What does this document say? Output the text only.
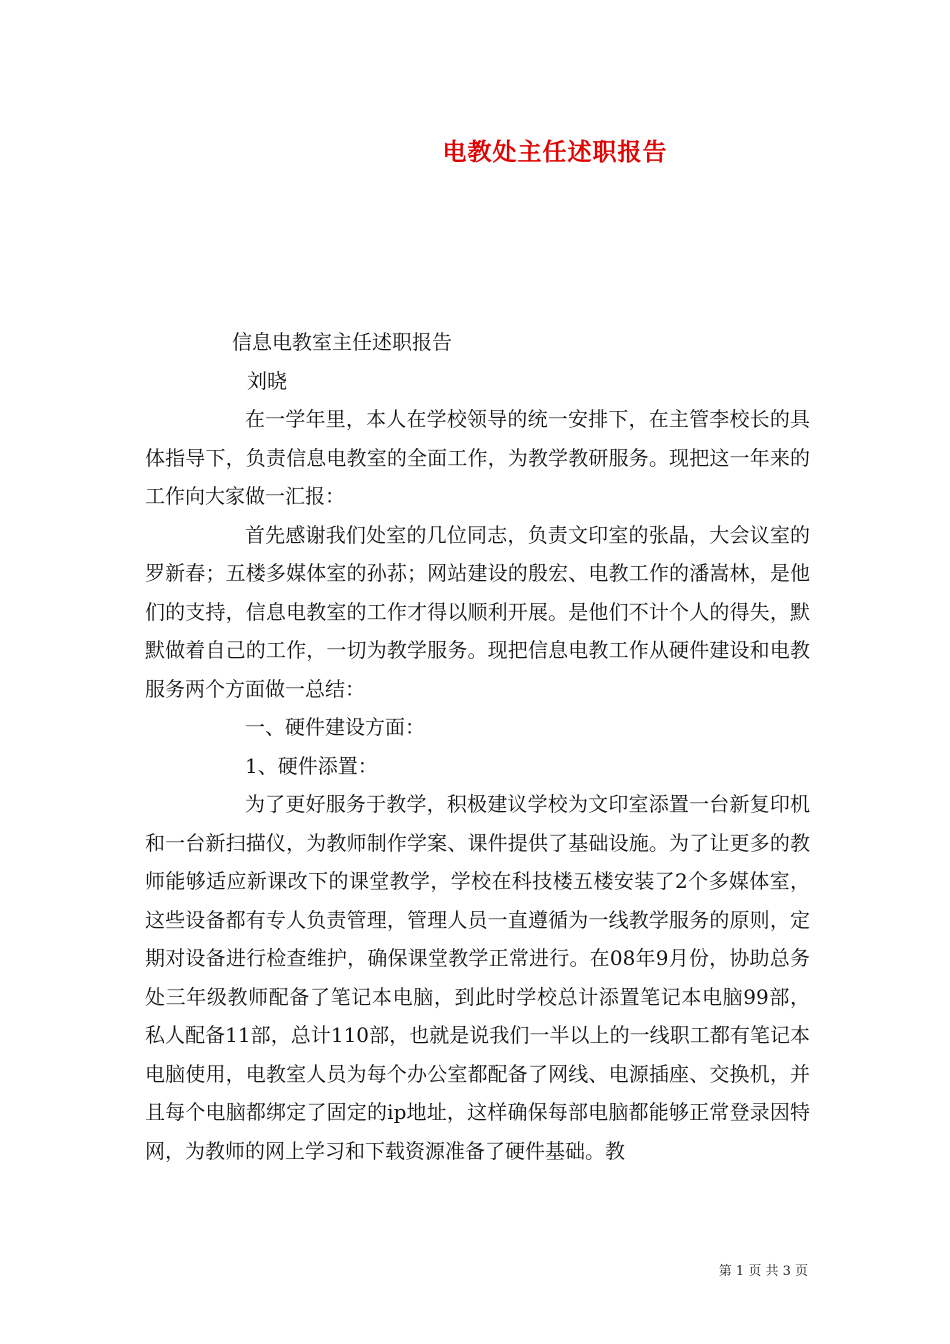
电教处主任述职报告
信息电教室主任述职报告
刘晓

在一学年里，本人在学校领导的统一安排下，在主管李校长的具体指导下，负责信息电教室的全面工作，为教学教研服务。现把这一年来的工作向大家做一汇报：

首先感谢我们处室的几位同志，负责文印室的张晶，大会议室的罗新春；五楼多媒体室的孙荪；网站建设的殷宏、电教工作的潘嵩林，是他们的支持，信息电教室的工作才得以顺利开展。是他们不计个人的得失，默默做着自己的工作，一切为教学服务。现把信息电教工作从硬件建设和电教服务两个方面做一总结：

一、硬件建设方面：

1、硬件添置：

为了更好服务于教学，积极建议学校为文印室添置一台新复印机和一台新扫描仪，为教师制作学案、课件提供了基础设施。为了让更多的教师能够适应新课改下的课堂教学，学校在科技楼五楼安装了2个多媒体室，这些设备都有专人负责管理，管理人员一直遵循为一线教学服务的原则，定期对设备进行检查维护，确保课堂教学正常进行。在08年9月份，协助总务处三年级教师配备了笔记本电脑，到此时学校总计添置笔记本电脑99部，私人配备11部，总计110部，也就是说我们一半以上的一线职工都有笔记本电脑使用，电教室人员为每个办公室都配备了网线、电源插座、交换机，并且每个电脑都绑定了固定的ip地址，这样确保每部电脑都能够正常登录因特网，为教师的网上学习和下载资源准备了硬件基础。教

第 1 页 共 3 页
